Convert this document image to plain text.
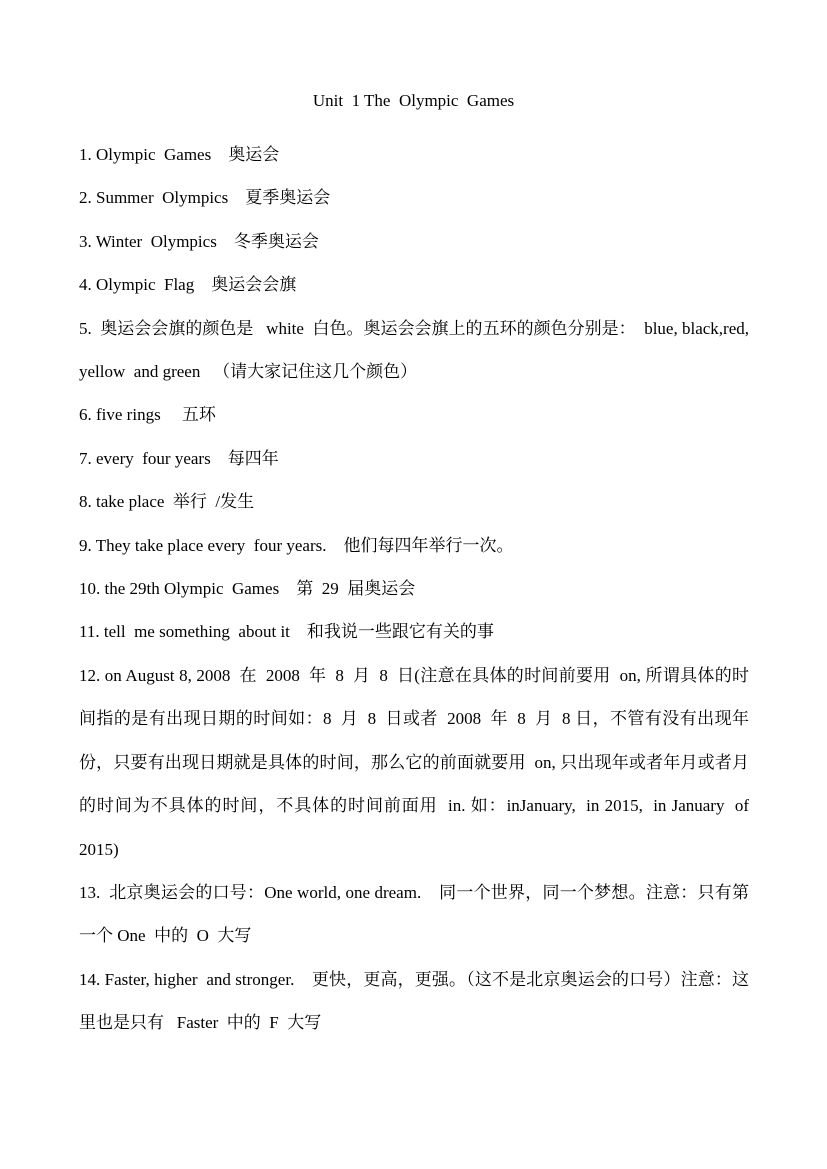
Unit  1 The  Olympic  Games

1. Olympic  Games    奥运会

2. Summer  Olympics    夏季奥运会

3. Winter  Olympics    冬季奥运会

4. Olympic  Flag    奥运会会旗

5.  奥运会会旗的颜色是   white  白色。奥运会会旗上的五环的颜色分别是：  blue, black,red, yellow  and green   （请大家记住这几个颜色）

6. five rings     五环

7. every  four years    每四年

8. take place  举行  /发生

9. They take place every  four years.    他们每四年举行一次。

10. the 29th Olympic  Games    第  29  届奥运会

11. tell  me something  about it    和我说一些跟它有关的事

12. on August 8, 2008  在  2008  年  8  月  8  日(注意在具体的时间前要用  on, 所谓具体的时间指的是有出现日期的时间如：8  月  8  日或者  2008  年  8  月  8 日，不管有没有出现年份，只要有出现日期就是具体的时间，那么它的前面就要用  on, 只出现年或者年月或者月的时间为不具体的时间，不具体的时间前面用  in. 如：inJanuary,  in 2015,  in January  of 2015)

13.  北京奥运会的口号：One world, one dream.    同一个世界，同一个梦想。注意：只有第一个 One  中的  O  大写

14. Faster, higher  and stronger.    更快，更高，更强。（这不是北京奥运会的口号）注意：这里也是只有   Faster  中的  F  大写
